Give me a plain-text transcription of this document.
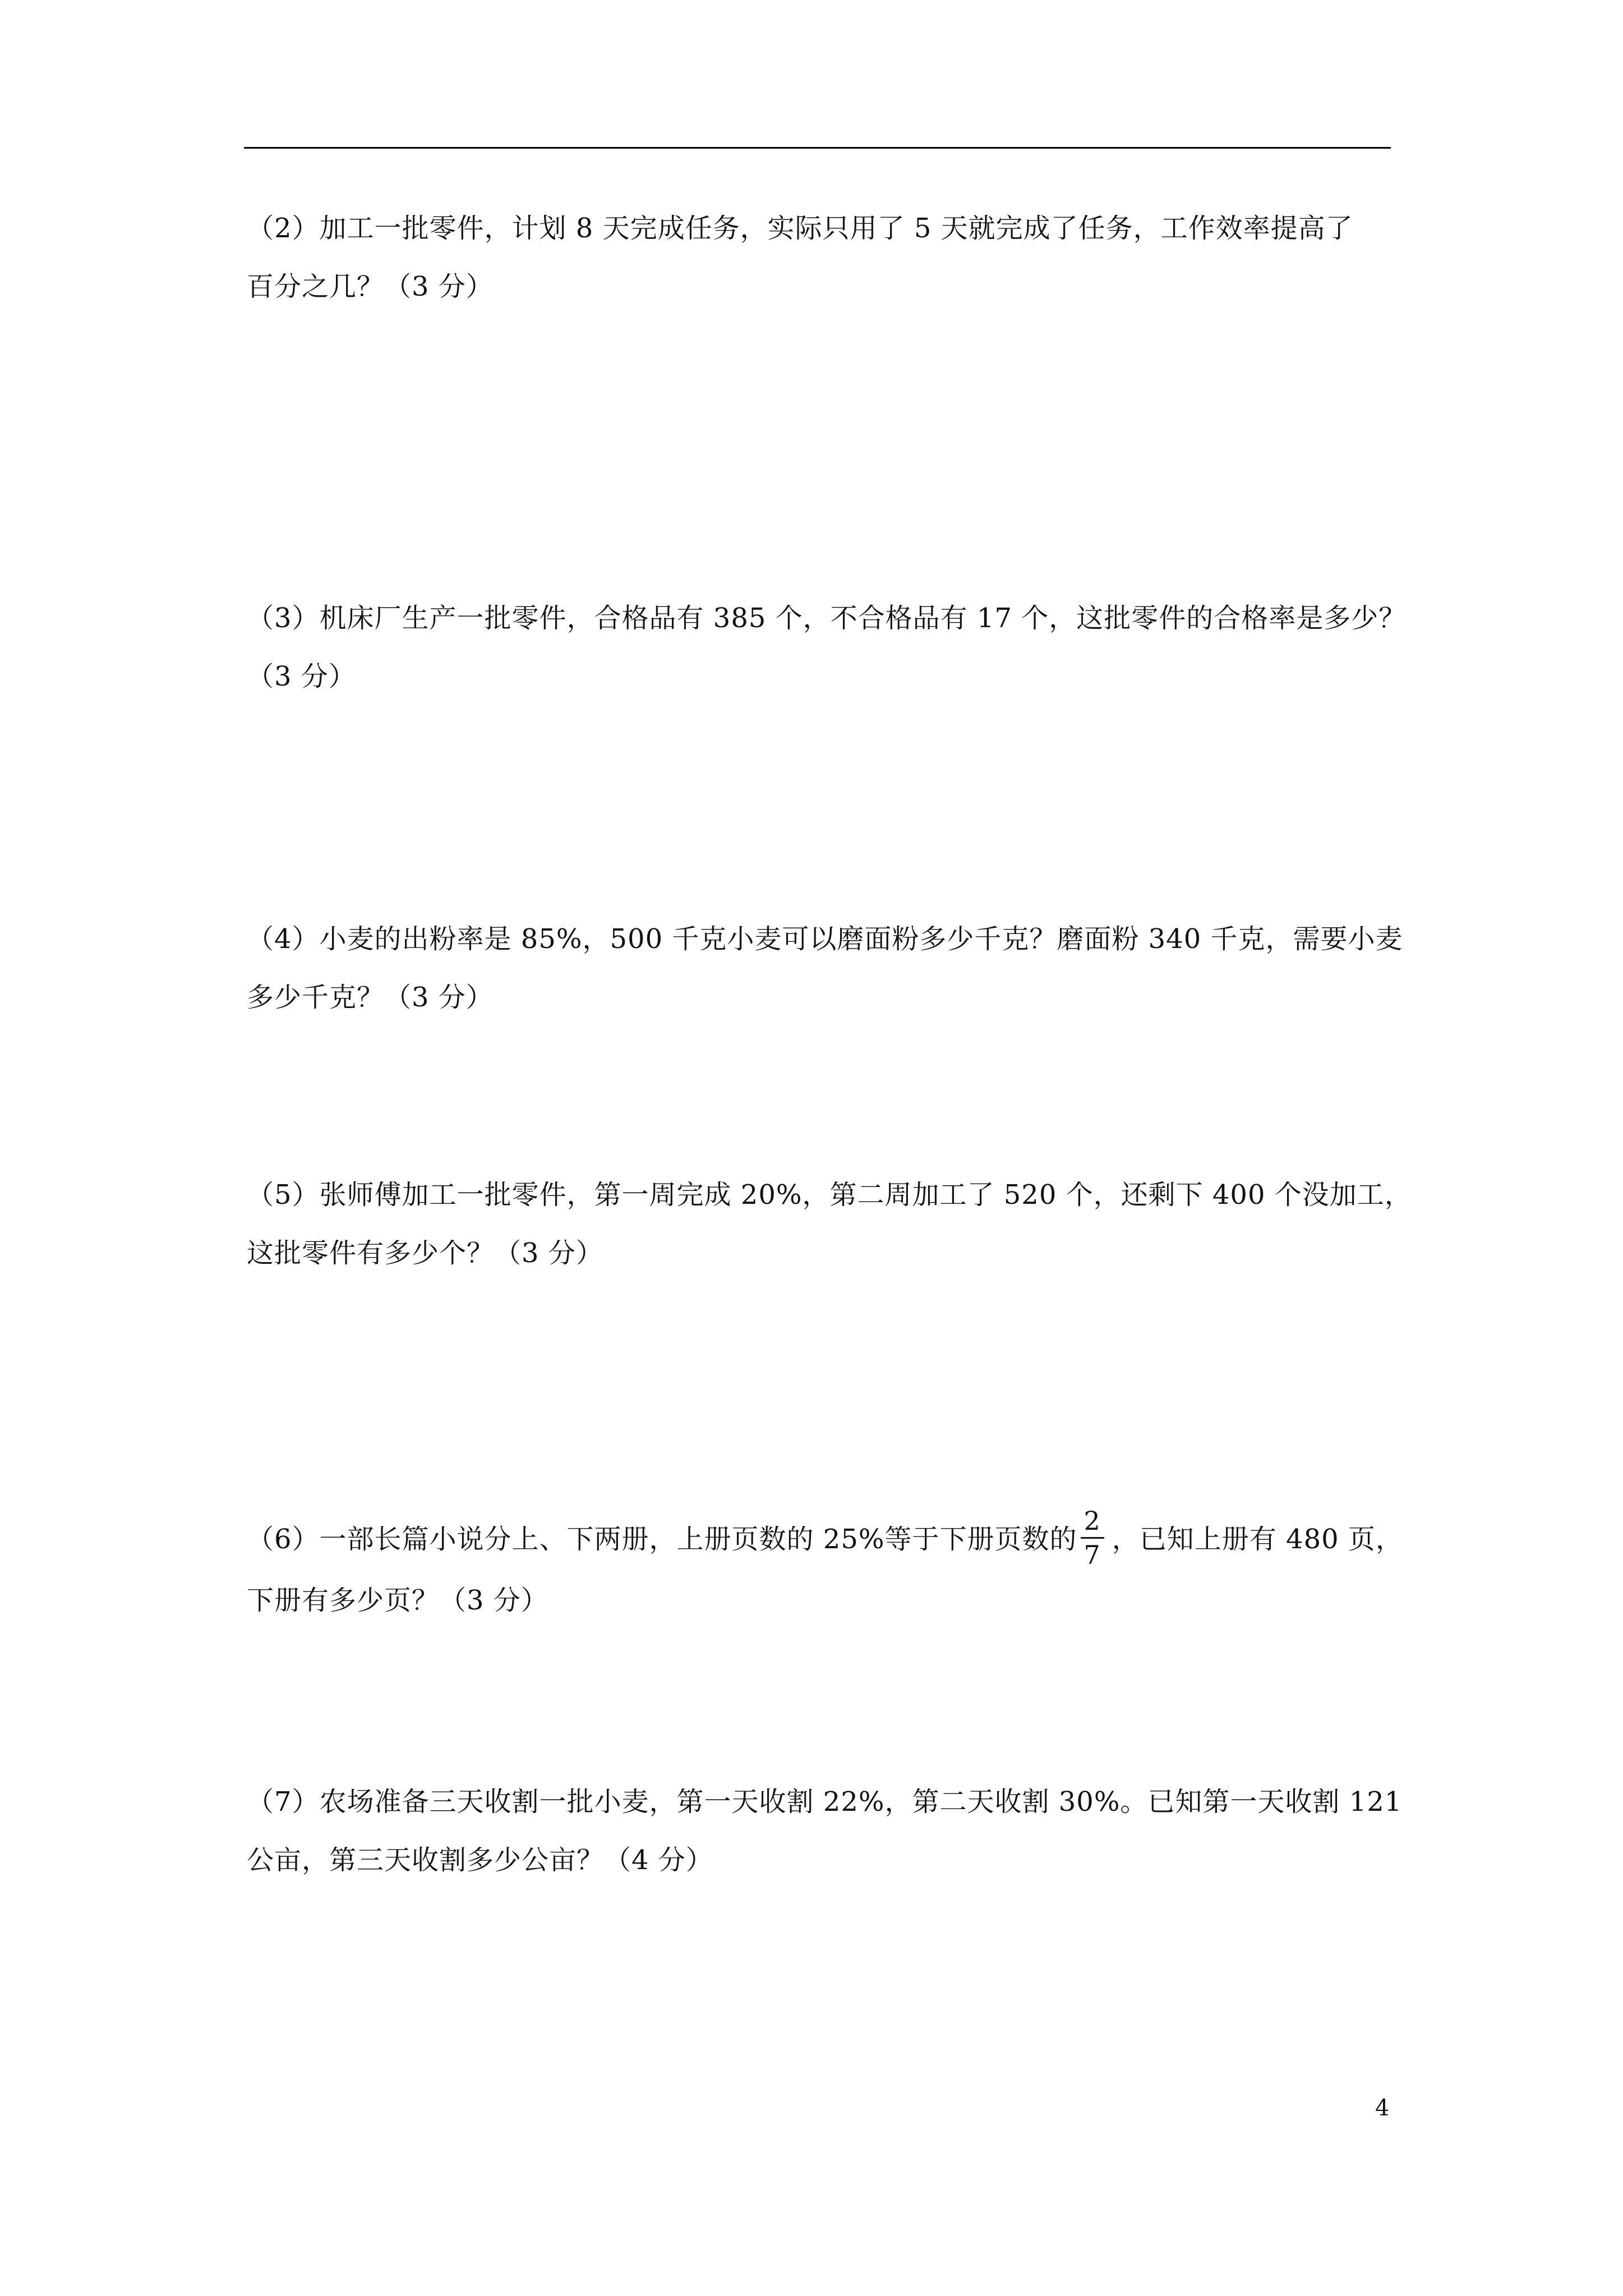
（2）加工一批零件，计划 8 天完成任务，实际只用了 5 天就完成了任务，工作效率提高了
百分之几？（3 分）
（3）机床厂生产一批零件，合格品有 385 个，不合格品有 17 个，这批零件的合格率是多少？
（3 分）
（4）小麦的出粉率是 85%，500 千克小麦可以磨面粉多少千克？磨面粉 340 千克，需要小麦
多少千克？（3 分）
（5）张师傅加工一批零件，第一周完成 20%，第二周加工了 520 个，还剩下 400 个没加工，
这批零件有多少个？（3 分）
（6）一部长篇小说分上、下两册，上册页数的 25%等于下册页数的 $\frac{2}{7}$ ，已知上册有 480 页，
下册有多少页？（3 分）
（7）农场准备三天收割一批小麦，第一天收割 22%，第二天收割 30%。已知第一天收割 121
公亩，第三天收割多少公亩？（4 分）
4
